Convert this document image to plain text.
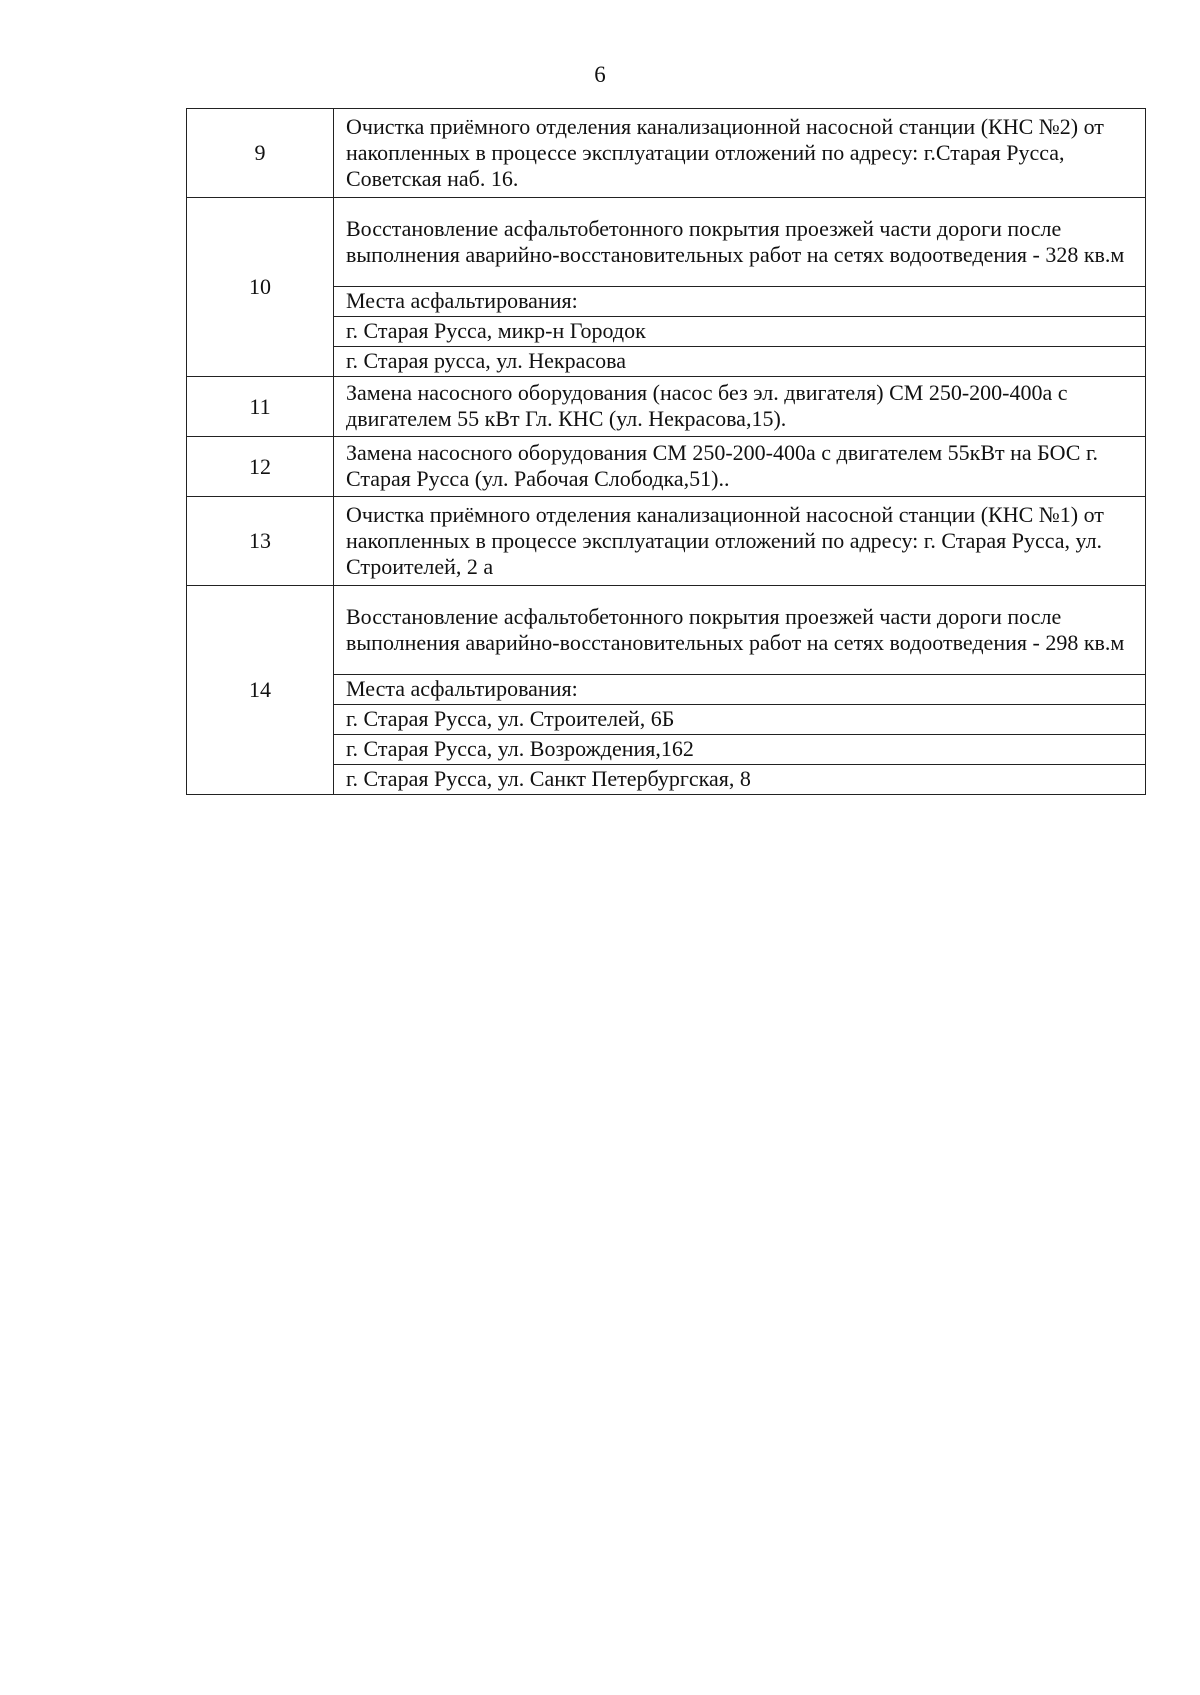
6
9	Очистка приёмного отделения канализационной насосной станции (КНС №2) от накопленных в процессе эксплуатации отложений по адресу: г.Старая Русса, Советская наб. 16.
10	Восстановление асфальтобетонного покрытия проезжей части дороги после выполнения аварийно-восстановительных работ на сетях водоотведения - 328 кв.м
	Места асфальтирования:
	г. Старая Русса, микр-н Городок
	г. Старая русса, ул. Некрасова
11	Замена насосного оборудования (насос без эл. двигателя) СМ 250-200-400а с двигателем 55 кВт Гл. КНС (ул. Некрасова,15).
12	Замена насосного оборудования СМ 250-200-400а с двигателем 55кВт на БОС г. Старая Русса (ул. Рабочая Слободка,51)..
13	Очистка приёмного отделения канализационной насосной станции (КНС №1) от накопленных в процессе эксплуатации отложений по адресу: г. Старая Русса, ул. Строителей, 2 а
14	Восстановление асфальтобетонного покрытия проезжей части дороги после выполнения аварийно-восстановительных работ на сетях водоотведения - 298 кв.м
	Места асфальтирования:
	г. Старая Русса, ул. Строителей, 6Б
	г. Старая Русса, ул. Возрождения,162
	г. Старая Русса, ул. Санкт Петербургская, 8
